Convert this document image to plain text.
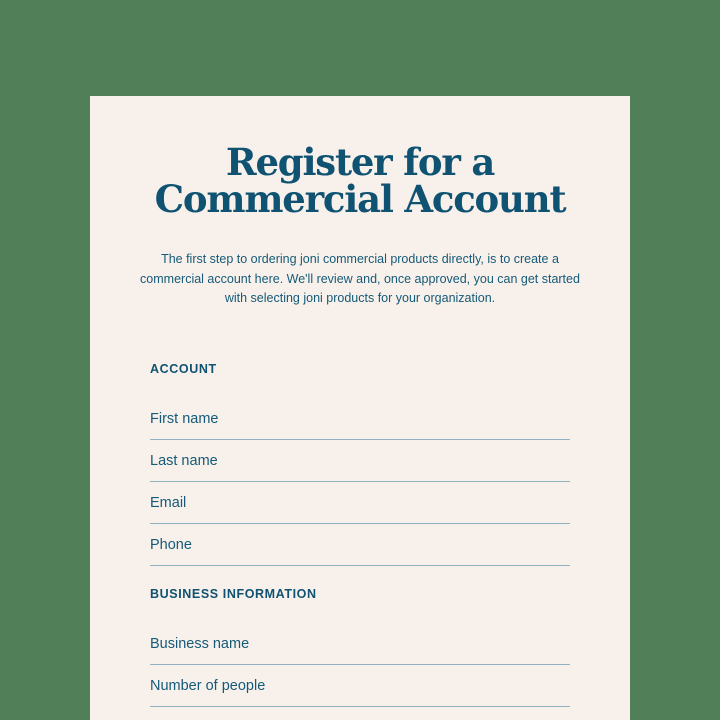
Register for a
Commercial Account

The first step to ordering joni commercial products directly, is to create a commercial account here. We'll review and, once approved, you can get started with selecting joni products for your organization.

ACCOUNT
First name
Last name
Email
Phone
BUSINESS INFORMATION
Business name
Number of people
